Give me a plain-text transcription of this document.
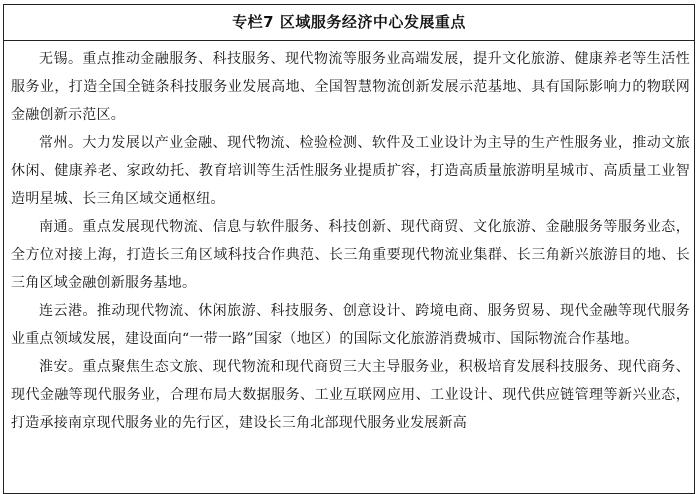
专栏7 区域服务经济中心发展重点

无锡。重点推动金融服务、科技服务、现代物流等服务业高端发展，提升文化旅游、健康养老等生活性服务业，打造全国全链条科技服务业发展高地、全国智慧物流创新发展示范基地、具有国际影响力的物联网金融创新示范区。

常州。大力发展以产业金融、现代物流、检验检测、软件及工业设计为主导的生产性服务业，推动文旅休闲、健康养老、家政幼托、教育培训等生活性服务业提质扩容，打造高质量旅游明星城市、高质量工业智造明星城、长三角区域交通枢纽。

南通。重点发展现代物流、信息与软件服务、科技创新、现代商贸、文化旅游、金融服务等服务业态，全方位对接上海，打造长三角区域科技合作典范、长三角重要现代物流业集群、长三角新兴旅游目的地、长三角区域金融创新服务基地。

连云港。推动现代物流、休闲旅游、科技服务、创意设计、跨境电商、服务贸易、现代金融等现代服务业重点领域发展，建设面向“一带一路”国家（地区）的国际文化旅游消费城市、国际物流合作基地。

淮安。重点聚焦生态文旅、现代物流和现代商贸三大主导服务业，积极培育发展科技服务、现代商务、现代金融等现代服务业，合理布局大数据服务、工业互联网应用、工业设计、现代供应链管理等新兴业态，打造承接南京现代服务业的先行区，建设长三角北部现代服务业发展新高
